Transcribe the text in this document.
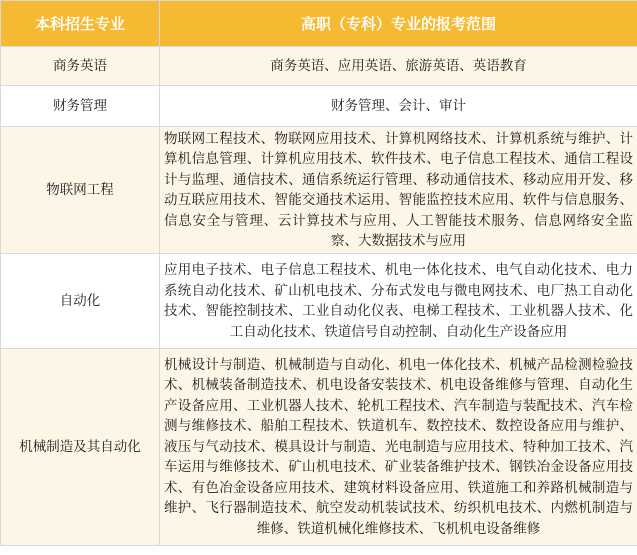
本科招生专业	高职（专科）专业的报考范围
商务英语	商务英语、应用英语、旅游英语、英语教育
财务管理	财务管理、会计、审计
物联网工程	物联网工程技术、物联网应用技术、计算机网络技术、计算机系统与维护、计算机信息管理、计算机应用技术、软件技术、电子信息工程技术、通信工程设计与监理、通信技术、通信系统运行管理、移动通信技术、移动应用开发、移动互联应用技术、智能交通技术运用、智能监控技术应用、软件与信息服务、信息安全与管理、云计算技术与应用、人工智能技术服务、信息网络安全监察、大数据技术与应用
自动化	应用电子技术、电子信息工程技术、机电一体化技术、电气自动化技术、电力系统自动化技术、矿山机电技术、分布式发电与微电网技术、电厂热工自动化技术、智能控制技术、工业自动化仪表、电梯工程技术、工业机器人技术、化工自动化技术、铁道信号自动控制、自动化生产设备应用
机械制造及其自动化	机械设计与制造、机械制造与自动化、机电一体化技术、机械产品检测检验技术、机械装备制造技术、机电设备安装技术、机电设备维修与管理、自动化生产设备应用、工业机器人技术、轮机工程技术、汽车制造与装配技术、汽车检测与维修技术、船舶工程技术、铁道机车、数控技术、数控设备应用与维护、液压与气动技术、模具设计与制造、光电制造与应用技术、特种加工技术、汽车运用与维修技术、矿山机电技术、矿业装备维护技术、钢铁冶金设备应用技术、有色冶金设备应用技术、建筑材料设备应用、铁道施工和养路机械制造与维护、飞行器制造技术、航空发动机装试技术、纺织机电技术、内燃机制造与维修、铁道机械化维修技术、飞机机电设备维修
